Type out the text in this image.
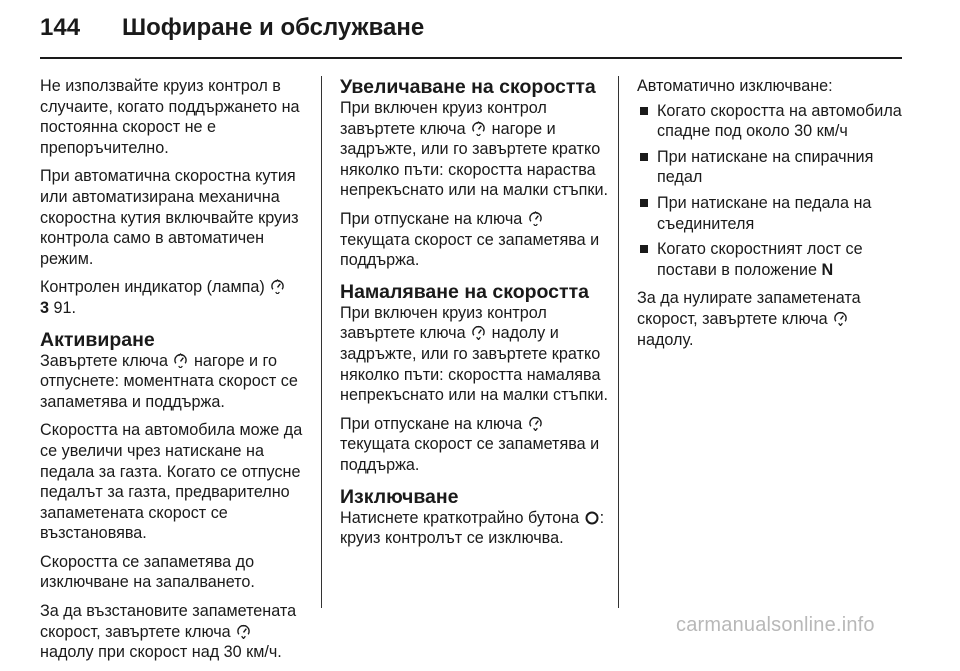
144	Шофиране и обслужване

Не използвайте круиз контрол в случаите, когато поддържането на постоянна скорост не е препоръчително.

При автоматична скоростна кутия или автоматизирана механична скоростна кутия включвайте круиз контрола само в автоматичен режим.

Контролен индикатор (лампа)
3 91.

Активиране

Завъртете ключа нагоре и го отпуснете: моментната скорост се запаметява и поддържа.

Скоростта на автомобила може да се увеличи чрез натискане на педала за газта. Когато се отпусне педалът за газта, предварително запаметената скорост се възстановява.

Скоростта се запаметява до изключване на запалването.

За да възстановите запаметената скорост, завъртете ключа  надолу при скорост над 30 км/ч.

Увеличаване на скоростта

При включен круиз контрол завъртете ключа нагоре и задръжте, или го завъртете кратко няколко пъти: скоростта нараства непрекъснато или на малки стъпки.

При отпускане на ключа  текущата скорост се запаметява и поддържа.

Намаляване на скоростта

При включен круиз контрол завъртете ключа надолу и задръжте, или го завъртете кратко няколко пъти: скоростта намалява непрекъснато или на малки стъпки.

При отпускане на ключа  текущата скорост се запаметява и поддържа.

Изключване

Натиснете краткотрайно бутона : круиз контролът се изключва.

Автоматично изключване:

Когато скоростта на автомобила спадне под около 30 км/ч
При натискане на спирачния педал
При натискане на педала на съединителя
Когато скоростният лост се постави в положение N

За да нулирате запаметената скорост, завъртете ключа
надолу.

carmanualsonline.info
